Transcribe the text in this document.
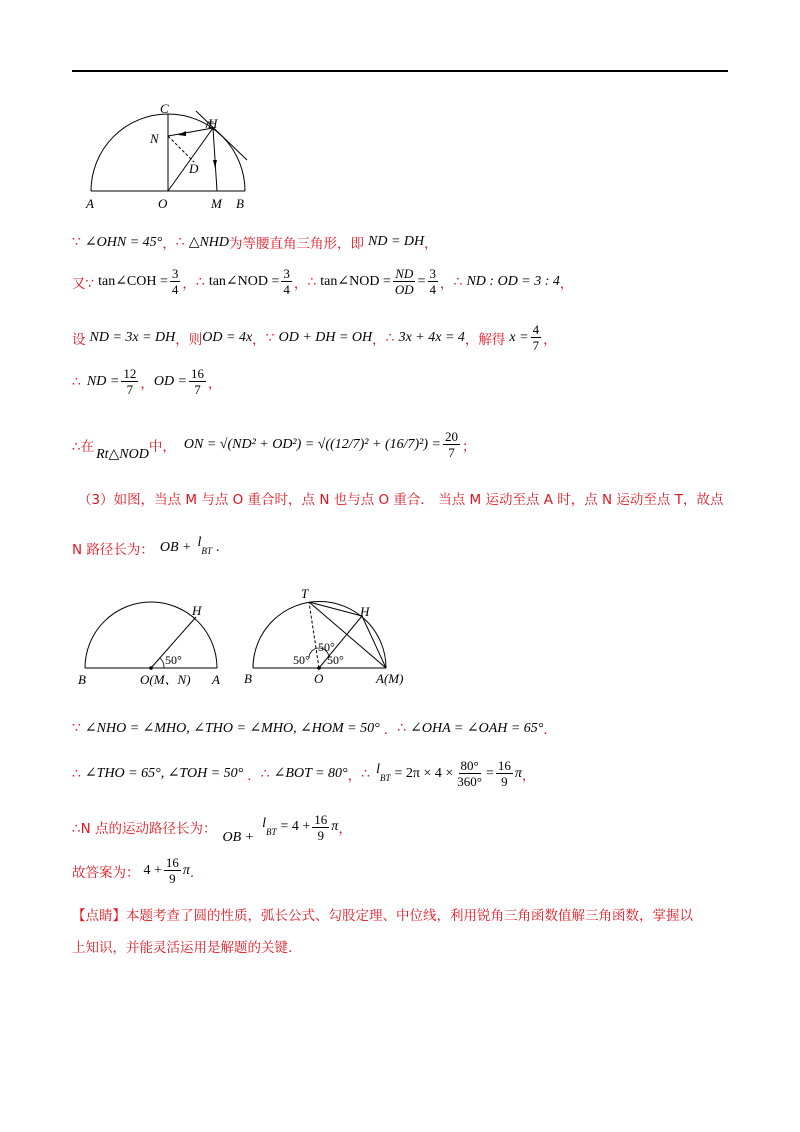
C
H
N
D
A	O	M B
∵ ∠OHN = 45° ， ∴ △NHD 为等腰直角三角形，即 ND = DH ，
又∵ tan∠COH = $\frac{3}{4}$ ， ∴ tan∠NOD = $\frac{3}{4}$ ， ∴ tan∠NOD = $\frac{ND}{OD} = \frac{3}{4}$ ， ∴ ND : OD = 3 : 4 ，
设 ND = 3x = DH ，则 OD = 4x ， ∵ OD + DH = OH ， ∴ 3x + 4x = 4 ，解得 $x = \frac{4}{7}$ ，
∴ ND = $\frac{12}{7}$ ， OD = $\frac{16}{7}$ ，
∴在 Rt△NOD 中， ON = $√(ND^2 + OD^2) = √((12/7)^2 + (16/7)^2) = \frac{20}{7}$ ；
（3）如图，当点 M 与点 O 重合时，点 N 也与点 O 重合． 当点 M 运动至点 A 时，点 N 运动至点 T，故点
N 路径长为： OB + l
BT .
H
50°
B	O(M、N) A
T
H
50°
50° 50°
B	O	A(M)
∵ ∠NHO = ∠MHO, ∠THO = ∠MHO, ∠HOM = 50° ． ∴ ∠OHA = ∠OAH = 65° ．
∴ ∠THO = 65°, ∠TOH = 50° ． ∴ ∠BOT = 80° ， ∴ l
BT = $2\pi \times 4 \times \frac{80^\circ}{360^\circ} = \frac{16}{9}$ π ，
∴N 点的运动路径长为：
OB +
l
BT = $4 + \frac{16}{9}$ π ，
故答案为： $4 + \frac{16}{9}$ π ．
【点睛】本题考查了圆的性质，弧长公式、勾股定理、中位线，利用锐角三角函数值解三角函数，掌握以
上知识，并能灵活运用是解题的关键.
